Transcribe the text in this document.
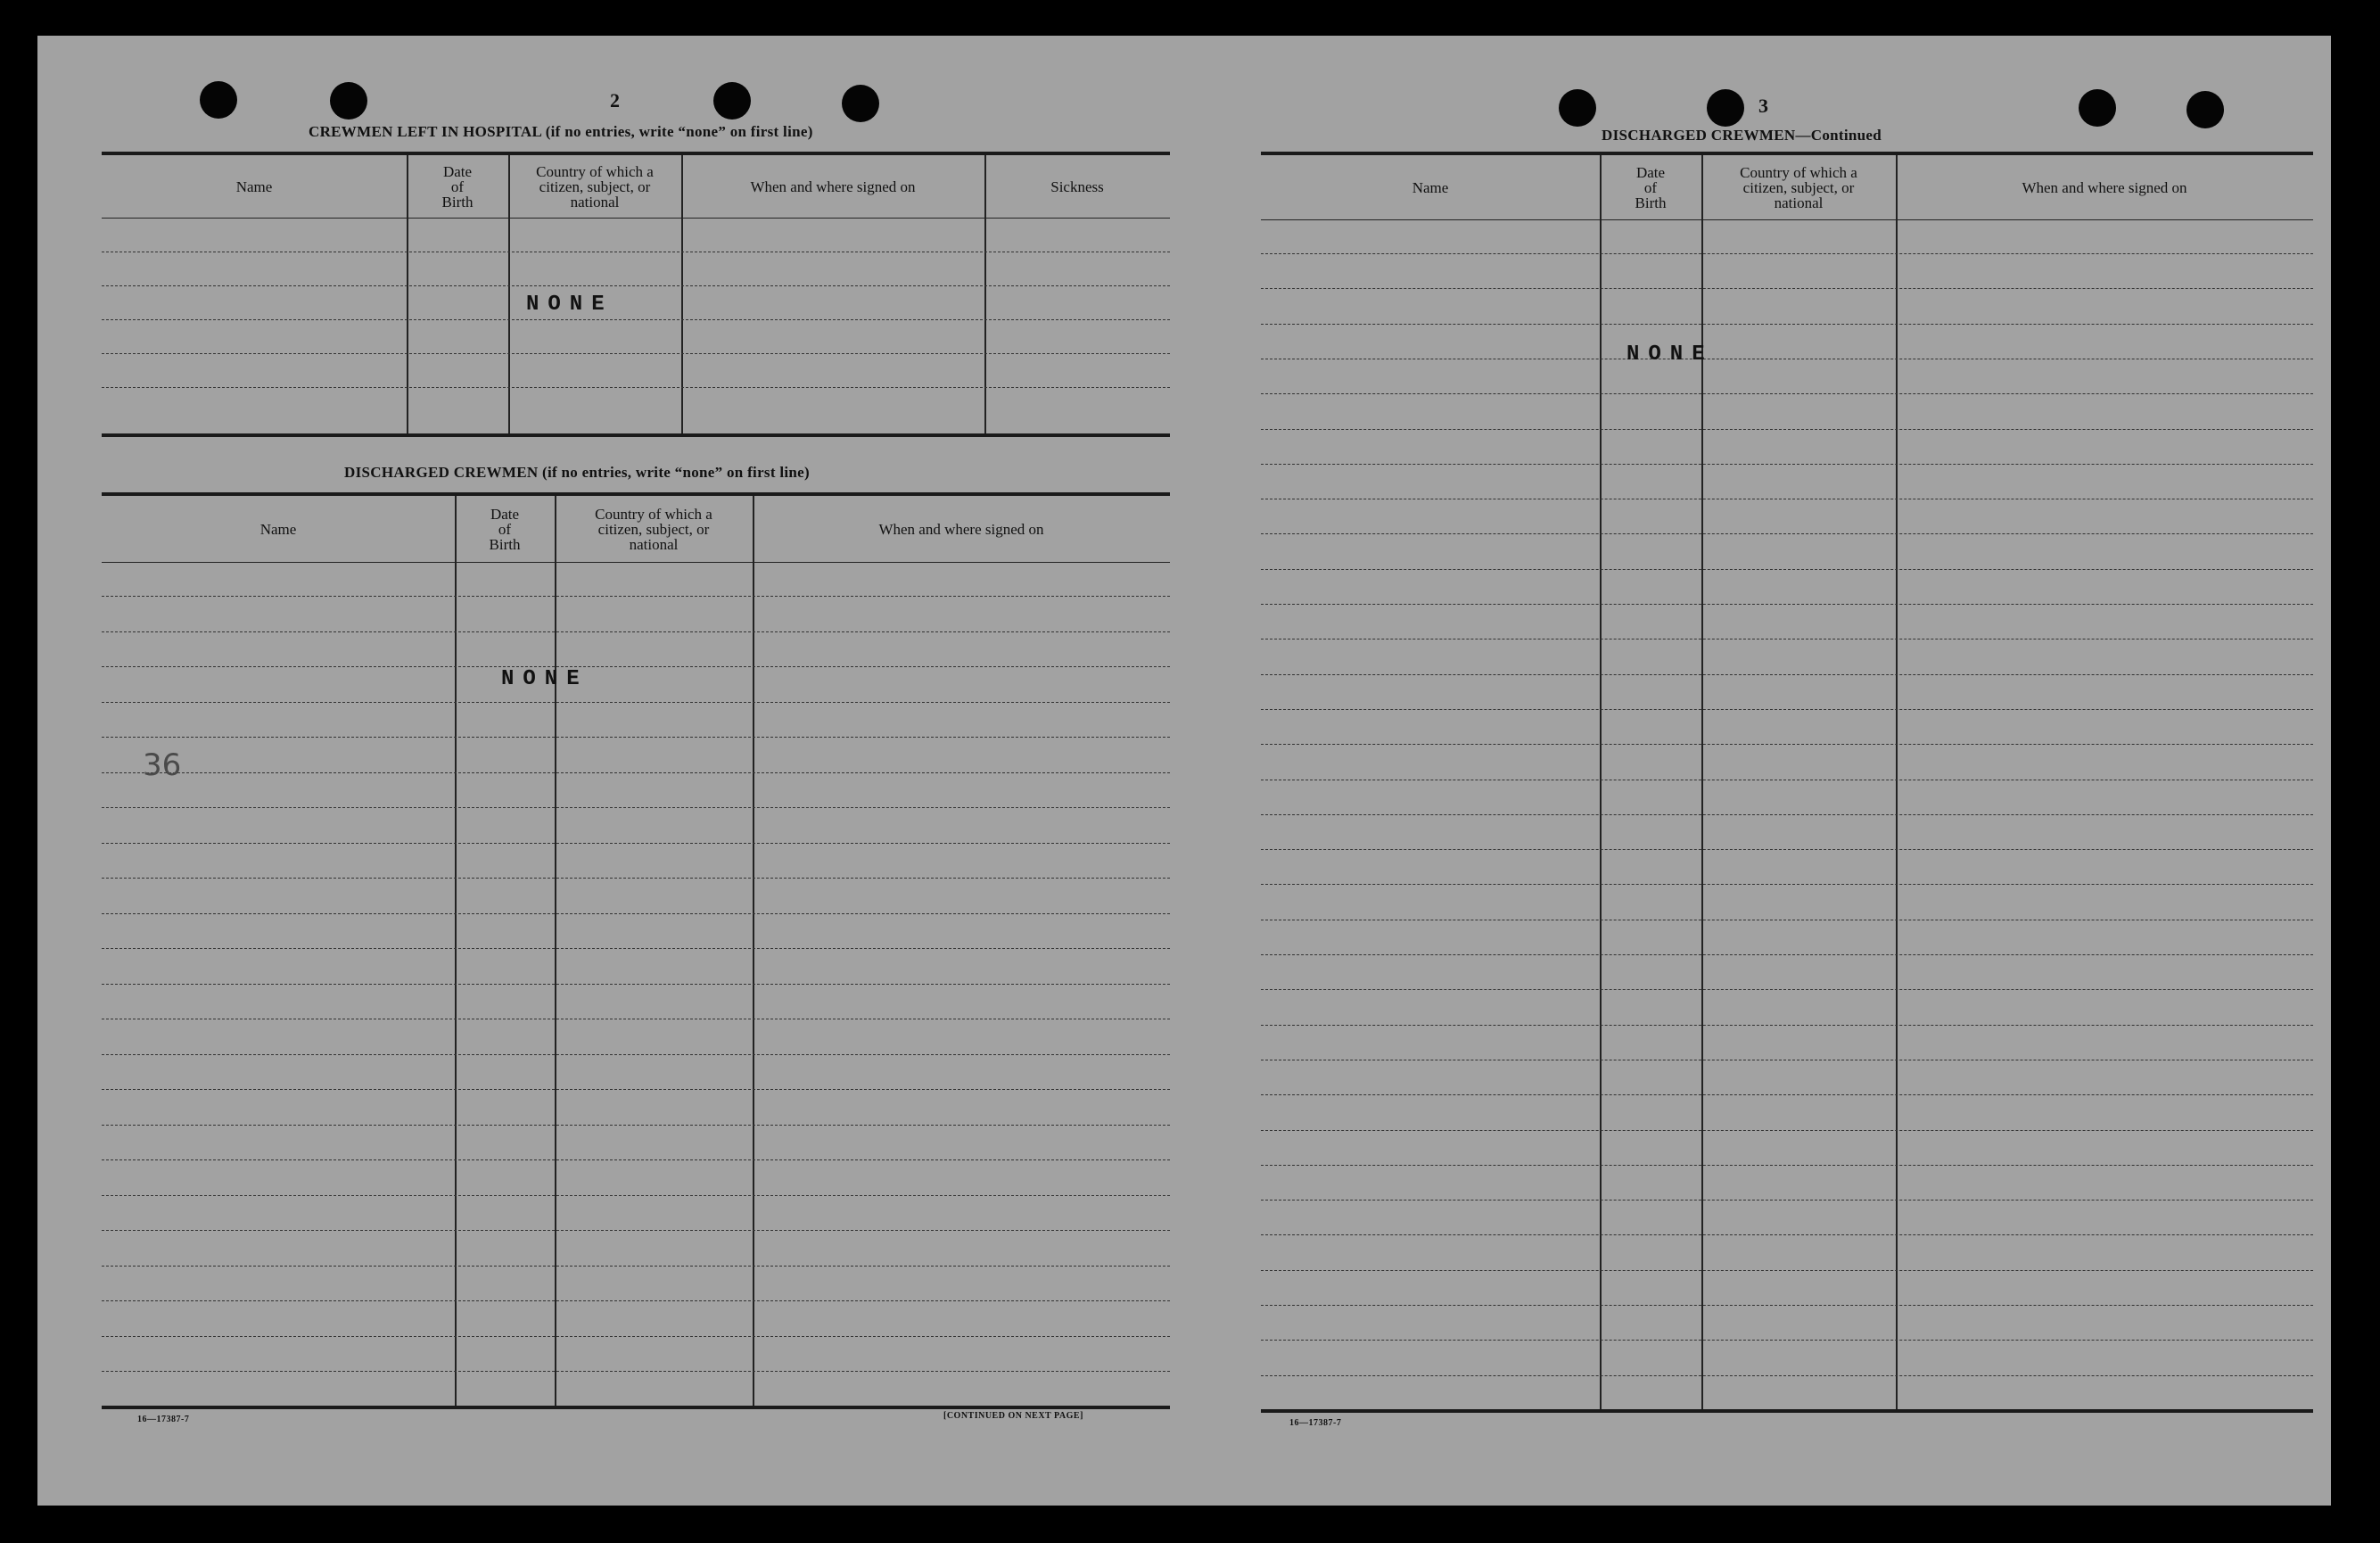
2
CREWMEN LEFT IN HOSPITAL (if no entries, write “none” on first line)
Name
Date
of
Birth
Country of which a
citizen, subject, or
national
When and where signed on	Sickness
NONE
DISCHARGED CREWMEN (if no entries, write “none” on first line)
Name
Date
of
Birth
Country of which a
citizen, subject, or
national
When and where signed on
NONE
36
16—17387-7	[CONTINUED ON NEXT PAGE]
3
DISCHARGED CREWMEN—Continued
Name
Date
of
Birth
Country of which a
citizen, subject, or
national
When and where signed on
NONE
16—17387-7
